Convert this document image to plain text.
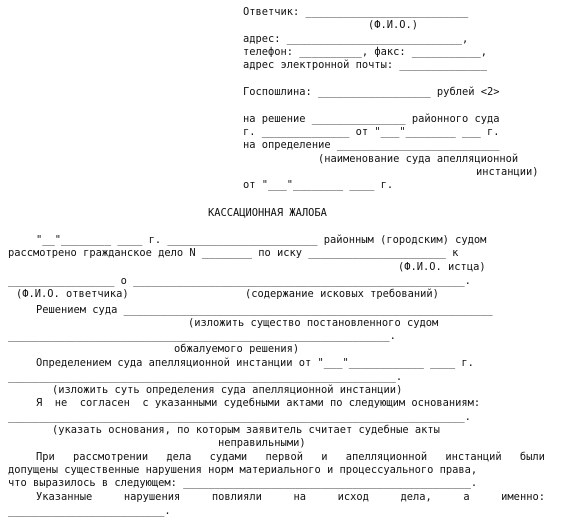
Ответчик: __________________________
(Ф.И.О.)
адрес: ____________________________,
телефон: __________, факс: ___________,
адрес электронной почты: ______________
Госпошлина: __________________ рублей <2>
на решение _______________ районного суда
г. ______________ от "___"________ ___ г.
на определение __________________________
(наименование суда апелляционной
инстанции)
от "___"________ ____ г.
КАССАЦИОННАЯ ЖАЛОБА
"__"________ ____ г. ________________________ районным (городским) судом
рассмотрено гражданское дело N ________ по иску ______________________ к
(Ф.И.О. истца)
_________________ о _____________________________________________________.
(Ф.И.О. ответчика)	(содержание исковых требований)
Решением суда ___________________________________________________________
(изложить существо постановленного судом
_____________________________________________________________.
обжалуемого решения)
Определением суда апелляционной инстанции от "___"____________ ____ г.
______________________________________________________________.
(изложить суть определения суда апелляционной инстанции)
Я  не  согласен  с указанными судебными актами по следующим основаниям:
_________________________________________________________________________.
(указать основания, по которым заявитель считает судебные акты
неправильными)
При рассмотрении дела судами первой и апелляционной инстанций были
допущены существенные нарушения норм материального и процессуального права,
что выразилось в следующем: ______________________________________________.
Указанные	нарушения	повлияли	на	исход	дела,	а	именно:
_________________________.
